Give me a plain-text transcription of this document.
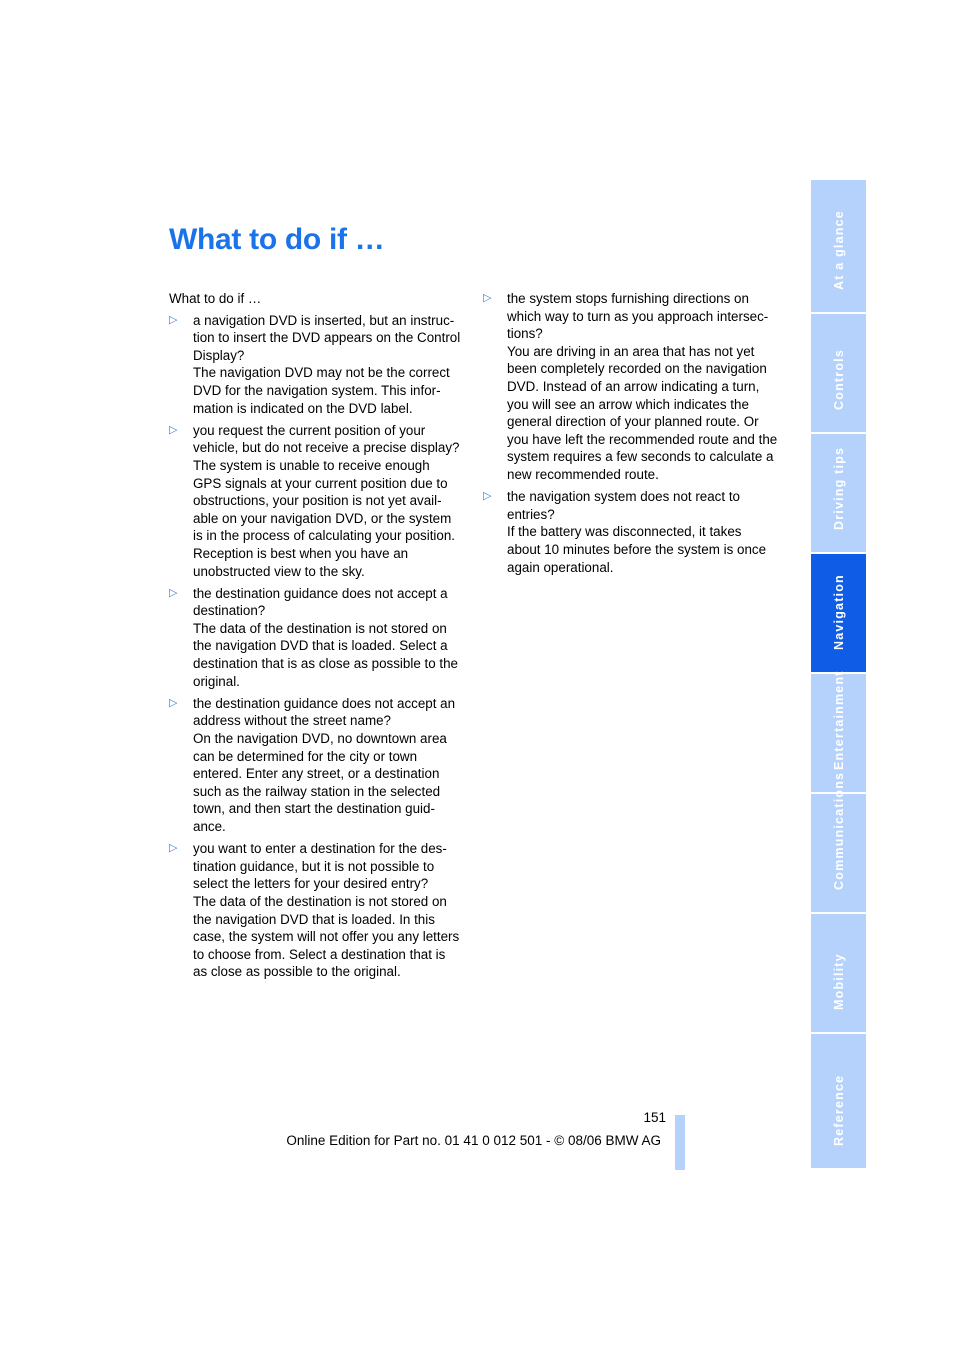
What to do if …

What to do if …

▷ a navigation DVD is inserted, but an instruction to insert the DVD appears on the Control Display?
The navigation DVD may not be the correct DVD for the navigation system. This information is indicated on the DVD label.
▷ you request the current position of your vehicle, but do not receive a precise display?
The system is unable to receive enough GPS signals at your current position due to obstructions, your position is not yet available on your navigation DVD, or the system is in the process of calculating your position. Reception is best when you have an unobstructed view to the sky.
▷ the destination guidance does not accept a destination?
The data of the destination is not stored on the navigation DVD that is loaded. Select a destination that is as close as possible to the original.
▷ the destination guidance does not accept an address without the street name?
On the navigation DVD, no downtown area can be determined for the city or town entered. Enter any street, or a destination such as the railway station in the selected town, and then start the destination guidance.
▷ you want to enter a destination for the destination guidance, but it is not possible to select the letters for your desired entry?
The data of the destination is not stored on the navigation DVD that is loaded. In this case, the system will not offer you any letters to choose from. Select a destination that is as close as possible to the original.
▷ the system stops furnishing directions on which way to turn as you approach intersections?
You are driving in an area that has not yet been completely recorded on the navigation DVD. Instead of an arrow indicating a turn, you will see an arrow which indicates the general direction of your planned route. Or you have left the recommended route and the system requires a few seconds to calculate a new recommended route.
▷ the navigation system does not react to entries?
If the battery was disconnected, it takes about 10 minutes before the system is once again operational.
At a glance
Controls
Driving tips
Navigation
Entertainment
Communications
Mobility
Reference
151
Online Edition for Part no. 01 41 0 012 501 - © 08/06 BMW AG
